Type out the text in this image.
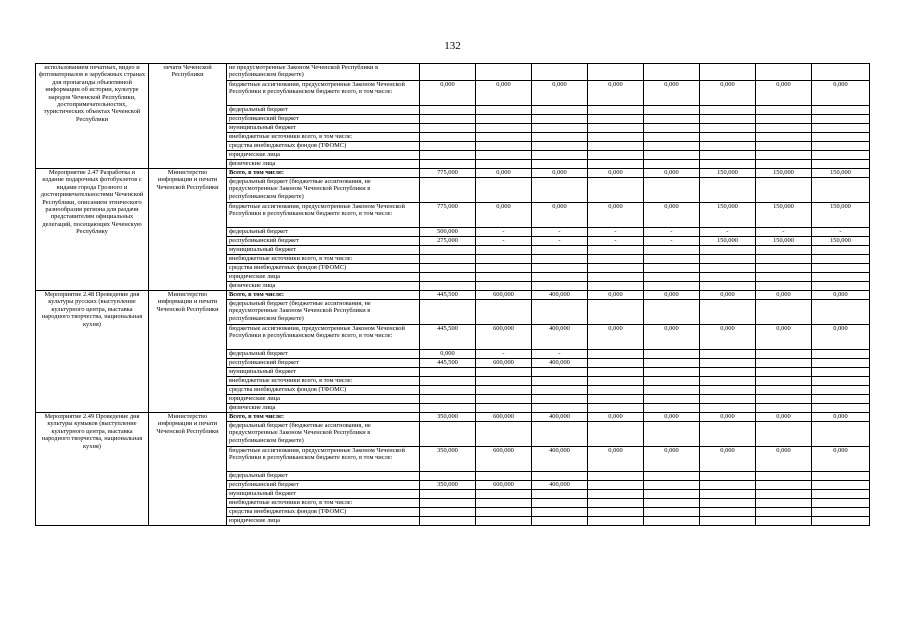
132
использованием печатных, видео и фотоматериалов в зарубежных странах для пропаганды объективной информации об истории, культуре народов Чеченской Республики, достопримечательностях, туристических объектах Чеченской Республики	печати Чеченской Республики	не предусмотренные Законом Чеченской Республики в республиканском бюджете)								
		бюджетные ассигнования, предусмотренные Законом Чеченской Республики в республиканском бюджете всего, в том числе:	0,000	0,000	0,000	0,000	0,000	0,000	0,000	0,000
		федеральный бюджет								
		республиканский бюджет								
		муниципальный бюджет								
		внебюджетные источники всего, в том числе:								
		средства внебюджетных фондов (ТФОМС)								
		юридические лица								
		физические лица								
Мероприятие 2.47 Разработка и издание подарочных фотобуклетов с видами города Грозного и достопримечательностями Чеченской Республики, описанием этнического разнообразия региона для раздачи представителям официальных делегаций, посещающих Чеченскую Республику	Министерство информации и печати Чеченской Республики	Всего, в том числе:	775,000	0,000	0,000	0,000	0,000	150,000	150,000	150,000
		федеральный бюджет (бюджетные ассигнования, не предусмотренные Законом Чеченской Республики в республиканском бюджете)								
		бюджетные ассигнования, предусмотренные Законом Чеченской Республики в республиканском бюджете всего, в том числе:	775,000	0,000	0,000	0,000	0,000	150,000	150,000	150,000
		федеральный бюджет	500,000	-	-	-	-	-	-	-
		республиканский бюджет	275,000	-	-	-	-	150,000	150,000	150,000
		муниципальный бюджет								
		внебюджетные источники всего, в том числе:								
		средства внебюджетных фондов (ТФОМС)								
		юридические лица								
		физические лица								
Мероприятие 2.48 Проведение дня культуры русских (выступление культурного центра, выставка народного творчества, национальная кухня)	Министерство информации и печати Чеченской Республики	Всего, в том числе:	445,500	600,000	400,000	0,000	0,000	0,000	0,000	0,000
		федеральный бюджет (бюджетные ассигнования, не предусмотренные Законом Чеченской Республики в республиканском бюджете)								
		бюджетные ассигнования, предусмотренные Законом Чеченской Республики в республиканском бюджете всего, в том числе:	445,500	600,000	400,000	0,000	0,000	0,000	0,000	0,000
		федеральный бюджет	0,000	-	-					
		республиканский бюджет	445,500	600,000	400,000					
		муниципальный бюджет								
		внебюджетные источники всего, в том числе:								
		средства внебюджетных фондов (ТФОМС)								
		юридические лица								
		физические лица								
Мероприятие 2.49 Проведение дня культуры кумыков (выступление культурного центра, выставка народного творчества, национальная кухня)	Министерство информации и печати Чеченской Республики	Всего, в том числе:	350,000	600,000	400,000	0,000	0,000	0,000	0,000	0,000
		федеральный бюджет (бюджетные ассигнования, не предусмотренные Законом Чеченской Республики в республиканском бюджете)								
		бюджетные ассигнования, предусмотренные Законом Чеченской Республики в республиканском бюджете всего, в том числе:	350,000	600,000	400,000	0,000	0,000	0,000	0,000	0,000
		федеральный бюджет								
		республиканский бюджет	350,000	600,000	400,000					
		муниципальный бюджет								
		внебюджетные источники всего, в том числе:								
		средства внебюджетных фондов (ТФОМС)								
		юридические лица								
